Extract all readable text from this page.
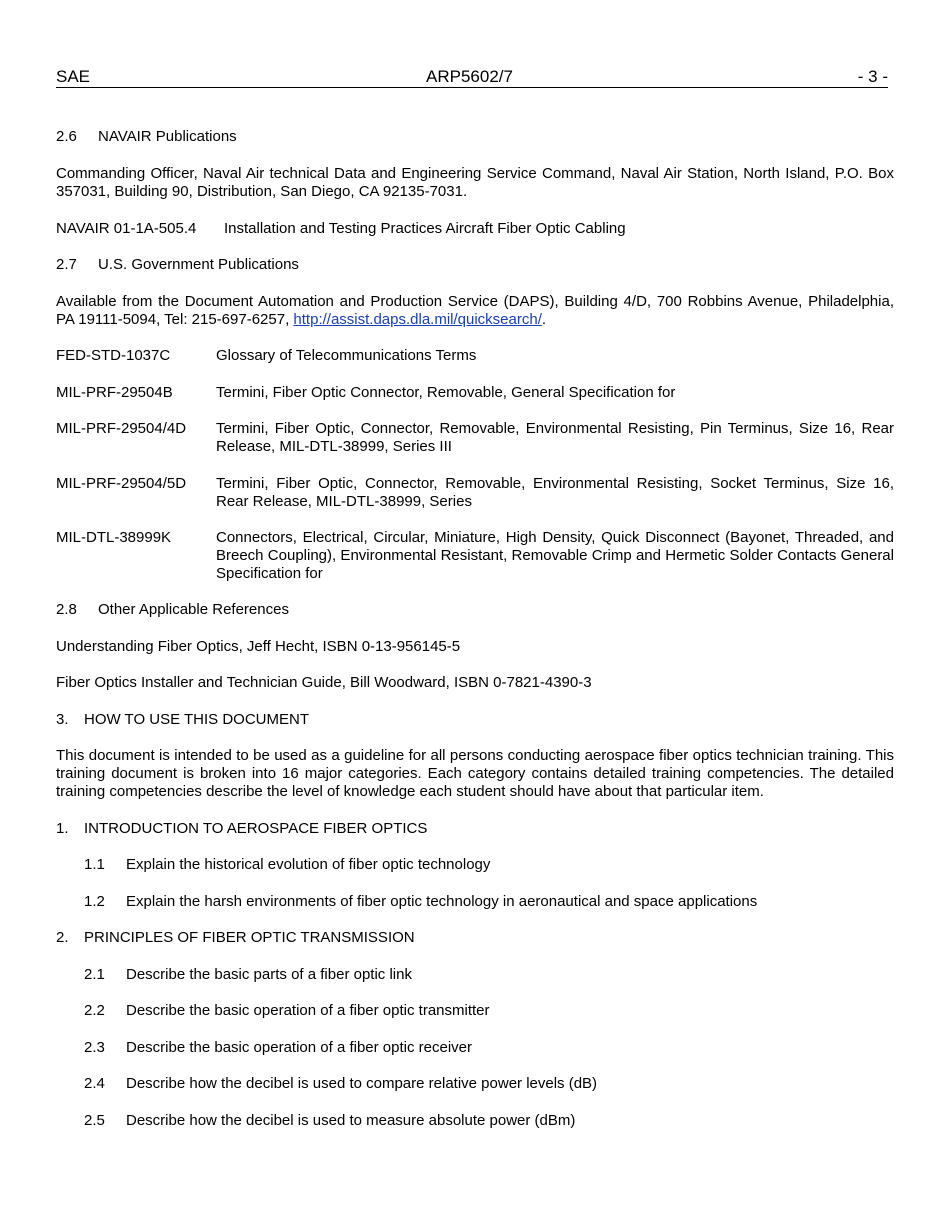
SAE	ARP5602/7	- 3 -
2.6 NAVAIR Publications
Commanding Officer, Naval Air technical Data and Engineering Service Command, Naval Air Station, North Island, P.O. Box 357031, Building 90, Distribution, San Diego, CA 92135-7031.
NAVAIR 01-1A-505.4 Installation and Testing Practices Aircraft Fiber Optic Cabling
2.7 U.S. Government Publications
Available from the Document Automation and Production Service (DAPS), Building 4/D, 700 Robbins Avenue, Philadelphia, PA 19111-5094, Tel: 215-697-6257, http://assist.daps.dla.mil/quicksearch/.
FED-STD-1037C	Glossary of Telecommunications Terms
MIL-PRF-29504B	Termini, Fiber Optic Connector, Removable, General Specification for
MIL-PRF-29504/4D Termini, Fiber Optic, Connector, Removable, Environmental Resisting, Pin Terminus, Size 16, Rear Release, MIL-DTL-38999, Series III
MIL-PRF-29504/5D Termini, Fiber Optic, Connector, Removable, Environmental Resisting, Socket Terminus, Size 16, Rear Release, MIL-DTL-38999, Series
MIL-DTL-38999K	Connectors, Electrical, Circular, Miniature, High Density, Quick Disconnect (Bayonet, Threaded, and Breech Coupling), Environmental Resistant, Removable Crimp and Hermetic Solder Contacts General Specification for
2.8 Other Applicable References
Understanding Fiber Optics, Jeff Hecht, ISBN 0-13-956145-5
Fiber Optics Installer and Technician Guide, Bill Woodward, ISBN 0-7821-4390-3
3. HOW TO USE THIS DOCUMENT
This document is intended to be used as a guideline for all persons conducting aerospace fiber optics technician training. This training document is broken into 16 major categories. Each category contains detailed training competencies. The detailed training competencies describe the level of knowledge each student should have about that particular item.
1. INTRODUCTION TO AEROSPACE FIBER OPTICS
1.1 Explain the historical evolution of fiber optic technology
1.2 Explain the harsh environments of fiber optic technology in aeronautical and space applications
2. PRINCIPLES OF FIBER OPTIC TRANSMISSION
2.1 Describe the basic parts of a fiber optic link
2.2 Describe the basic operation of a fiber optic transmitter
2.3 Describe the basic operation of a fiber optic receiver
2.4 Describe how the decibel is used to compare relative power levels (dB)
2.5 Describe how the decibel is used to measure absolute power (dBm)
